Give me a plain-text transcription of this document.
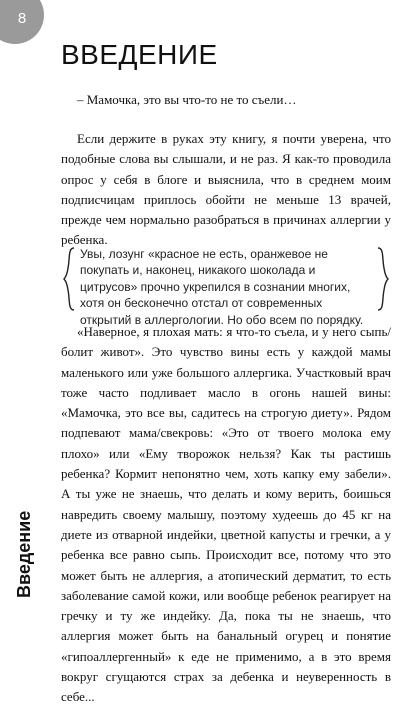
8
ВВЕДЕНИЕ

– Мамочка, это вы что-то не то съели…

Если держите в руках эту книгу, я почти уверена, что подобные слова вы слышали, и не раз. Я как-то проводила опрос у себя в блоге и выяснила, что в среднем моим подписчицам приплось обойти не меньше 13 врачей, прежде чем нормально разобраться в причинах аллергии у ребенка.

Увы, лозунг «красное не есть, оранжевое не покупать и, наконец, никакого шоколада и цитрусов» прочно укрепился в сознании многих, хотя он бесконечно отстал от современных открытий в аллергологии. Но обо всем по порядку.

«Наверное, я плохая мать: я что-то съела, и у него сыпь/болит живот». Это чувство вины есть у каждой мамы маленького или уже большого аллергика. Участковый врач тоже часто подливает масло в огонь нашей вины: «Мамочка, это все вы, садитесь на строгую диету». Рядом подпевают мама/свекровь: «Это от твоего молока ему плохо» или «Ему творожок нельзя? Как ты растишь ребенка? Кормит непонятно чем, хоть капку ему забели». А ты уже не знаешь, что делать и кому верить, боишься навредить своему малышу, поэтому худеешь до 45 кг на диете из отварной индейки, цветной капусты и гречки, а у ребенка все равно сыпь. Происходит все, потому что это может быть не аллергия, а атопический дерматит, то есть заболевание самой кожи, или вообще ребенок реагирует на гречку и ту же индейку. Да, пока ты не знаешь, что аллергия может быть на банальный огурец и понятие «гипоаллергенный» к еде не применимо, а в это время вокруг сгущаются страх за дебенка и неуверенность в себе...

Введение
